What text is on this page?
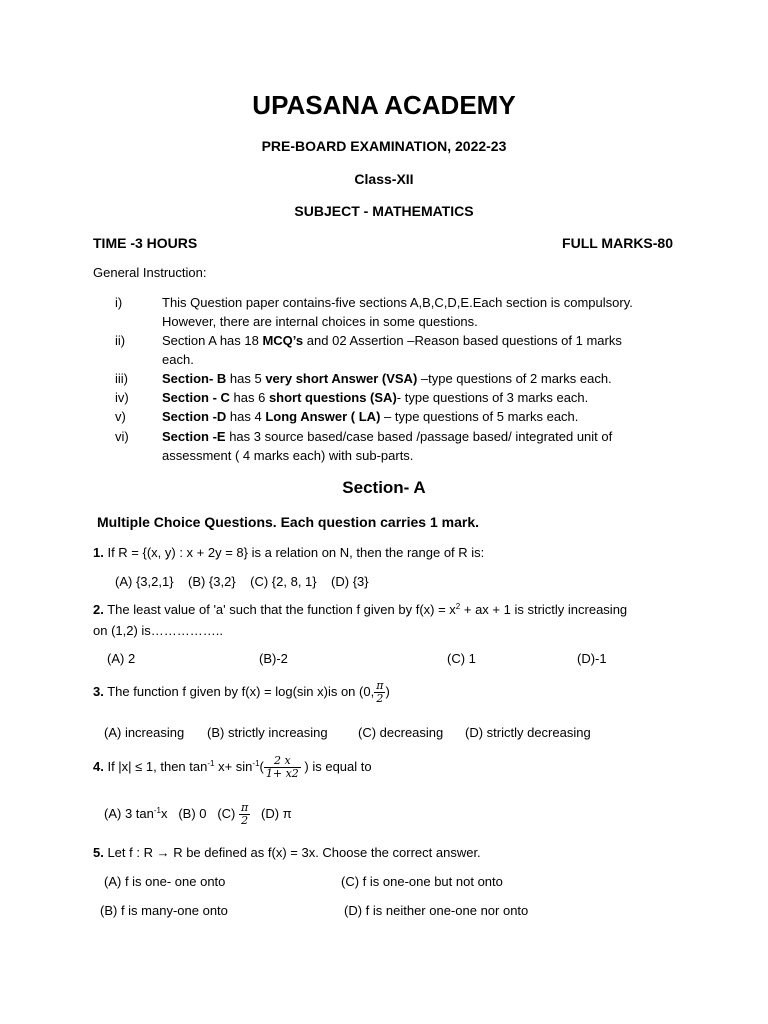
UPASANA ACADEMY
PRE-BOARD EXAMINATION, 2022-23
Class-XII
SUBJECT - MATHEMATICS
TIME -3 HOURS	FULL MARKS-80
General Instruction:
i)	This Question paper contains-five sections A,B,C,D,E.Each section is compulsory.
However, there are internal choices in some questions.
ii)	Section A has 18 MCQ’s and 02 Assertion –Reason based questions of 1 marks
each.
iii)	Section- B has 5 very short Answer (VSA) –type questions of 2 marks each.
iv)	Section - C has 6 short questions (SA)- type questions of 3 marks each.
v)	Section -D has 4 Long Answer ( LA) – type questions of 5 marks each.
vi)	Section -E has 3 source based/case based /passage based/ integrated unit of
assessment ( 4 marks each) with sub-parts.
Section- A
Multiple Choice Questions. Each question carries 1 mark.
1. If R = {(x, y) : x + 2y = 8} is a relation on N, then the range of R is:
(A) {3,2,1}    (B) {3,2}    (C) {2, 8, 1}    (D) {3}
2. The least value of 'a' such that the function f given by $f(x) = x^2$ + ax + 1 is strictly increasing
on (1,2) is……………..
(A) 2	(B)-2	(C) 1	(D)-1
3. The function f given by f(x) = log(sin x)is on (0, $\frac{\pi}{2}$ )
(A) increasing (B) strictly increasing (C) decreasing (D) strictly decreasing
4. If |x| ≤ 1, then $\tan^{-1} x+ \sin^{-1}( \frac{2 x}{1+ x2}$ ) is equal to
(A) 3 $\tan^{-1}x$   (B) 0   $(C) \frac{\pi}{2} (D)$ π
5. Let f : R → R be defined as f(x) = 3x. Choose the correct answer.
(A) f is one- one onto	(C) f is one-one but not onto
(B) f is many-one onto	(D) f is neither one-one nor onto
